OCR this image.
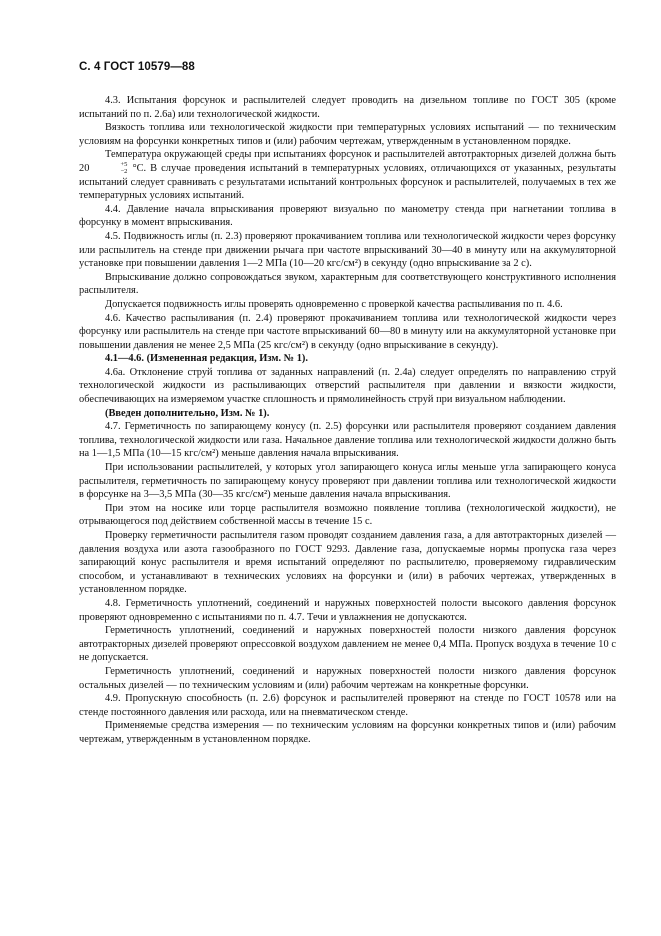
С. 4 ГОСТ 10579—88

4.3. Испытания форсунок и распылителей следует проводить на дизельном топливе по ГОСТ 305 (кроме испытаний по п. 2.6а) или технологической жидкости.

Вязкость топлива или технологической жидкости при температурных условиях испытаний — по техническим условиям на форсунки конкретных типов и (или) рабочим чертежам, утвержденным в установленном порядке.

Температура окружающей среды при испытаниях форсунок и распылителей автотракторных дизелей должна быть 20	+5
−2 °С. В случае проведения испытаний в температурных условиях, отличающихся от указанных, результаты испытаний следует сравнивать с результатами испытаний контрольных форсунок и распылителей, получаемых в тех же температурных условиях испытаний.

4.4. Давление начала впрыскивания проверяют визуально по манометру стенда при нагнетании топлива в форсунку в момент впрыскивания.

4.5. Подвижность иглы (п. 2.3) проверяют прокачиванием топлива или технологической жидкости через форсунку или распылитель на стенде при движении рычага при частоте впрыскиваний 30—40 в минуту или на аккумуляторной установке при повышении давления 1—2 МПа (10—20 кгс/см²) в секунду (одно впрыскивание за 2 с).

Впрыскивание должно сопровождаться звуком, характерным для соответствующего конструктивного исполнения распылителя.

Допускается подвижность иглы проверять одновременно с проверкой качества распыливания по п. 4.6.

4.6. Качество распыливания (п. 2.4) проверяют прокачиванием топлива или технологической жидкости через форсунку или распылитель на стенде при частоте впрыскиваний 60—80 в минуту или на аккумуляторной установке при повышении давления не менее 2,5 МПа (25 кгс/см²) в секунду (одно впрыскивание в секунду).

4.1—4.6. (Измененная редакция, Изм. № 1).

4.6а. Отклонение струй топлива от заданных направлений (п. 2.4а) следует определять по направлению струй технологической жидкости из распыливающих отверстий распылителя при давлении и вязкости жидкости, обеспечивающих на измеряемом участке сплошность и прямолинейность струй при визуальном наблюдении.

(Введен дополнительно, Изм. № 1).

4.7. Герметичность по запирающему конусу (п. 2.5) форсунки или распылителя проверяют созданием давления топлива, технологической жидкости или газа. Начальное давление топлива или технологической жидкости должно быть на 1—1,5 МПа (10—15 кгс/см²) меньше давления начала впрыскивания.

При использовании распылителей, у которых угол запирающего конуса иглы меньше угла запирающего конуса распылителя, герметичность по запирающему конусу проверяют при давлении топлива или технологической жидкости в форсунке на 3—3,5 МПа (30—35 кгс/см²) меньше давления начала впрыскивания.

При этом на носике или торце распылителя возможно появление топлива (технологической жидкости), не отрывающегося под действием собственной массы в течение 15 с.

Проверку герметичности распылителя газом проводят созданием давления газа, а для автотракторных дизелей — давления воздуха или азота газообразного по ГОСТ 9293. Давление газа, допускаемые нормы пропуска газа через запирающий конус распылителя и время испытаний определяют по распылителю, проверяемому гидравлическим способом, и устанавливают в технических условиях на форсунки и (или) в рабочих чертежах, утвержденных в установленном порядке.

4.8. Герметичность уплотнений, соединений и наружных поверхностей полости высокого давления форсунок проверяют одновременно с испытаниями по п. 4.7. Течи и увлажнения не допускаются.

Герметичность уплотнений, соединений и наружных поверхностей полости низкого давления форсунок автотракторных дизелей проверяют опрессовкой воздухом давлением не менее 0,4 МПа. Пропуск воздуха в течение 10 с не допускается.

Герметичность уплотнений, соединений и наружных поверхностей полости низкого давления форсунок остальных дизелей — по техническим условиям и (или) рабочим чертежам на конкретные форсунки.

4.9. Пропускную способность (п. 2.6) форсунок и распылителей проверяют на стенде по ГОСТ 10578 или на стенде постоянного давления или расхода, или на пневматическом стенде.

Применяемые средства измерения — по техническим условиям на форсунки конкретных типов и (или) рабочим чертежам, утвержденным в установленном порядке.
